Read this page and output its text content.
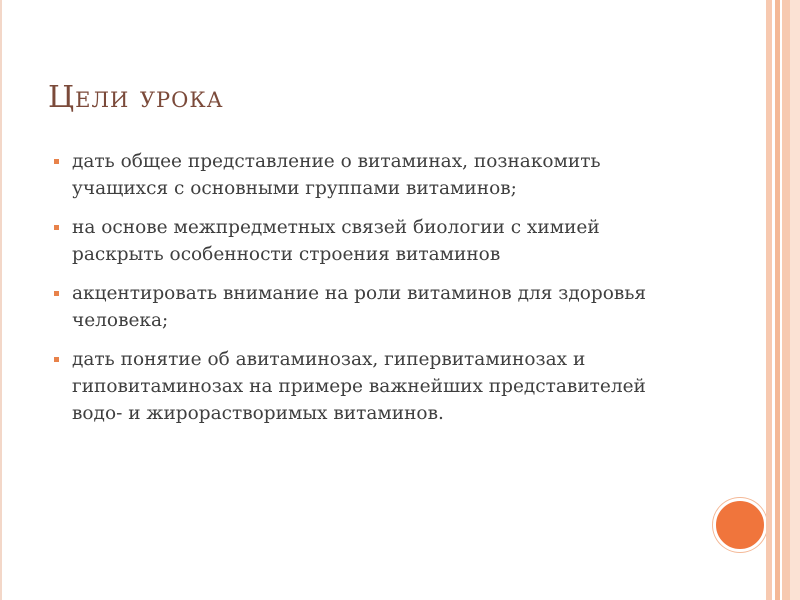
Цели урока
дать общее представление о витаминах, познакомить учащихся с основными группами витаминов;
на основе межпредметных связей биологии с химией раскрыть особенности строения витаминов
акцентировать внимание на роли витаминов для здоровья человека;
дать понятие об авитаминозах, гипервитаминозах и гиповитаминозах на примере важнейших представителей водо- и жирорастворимых витаминов.
